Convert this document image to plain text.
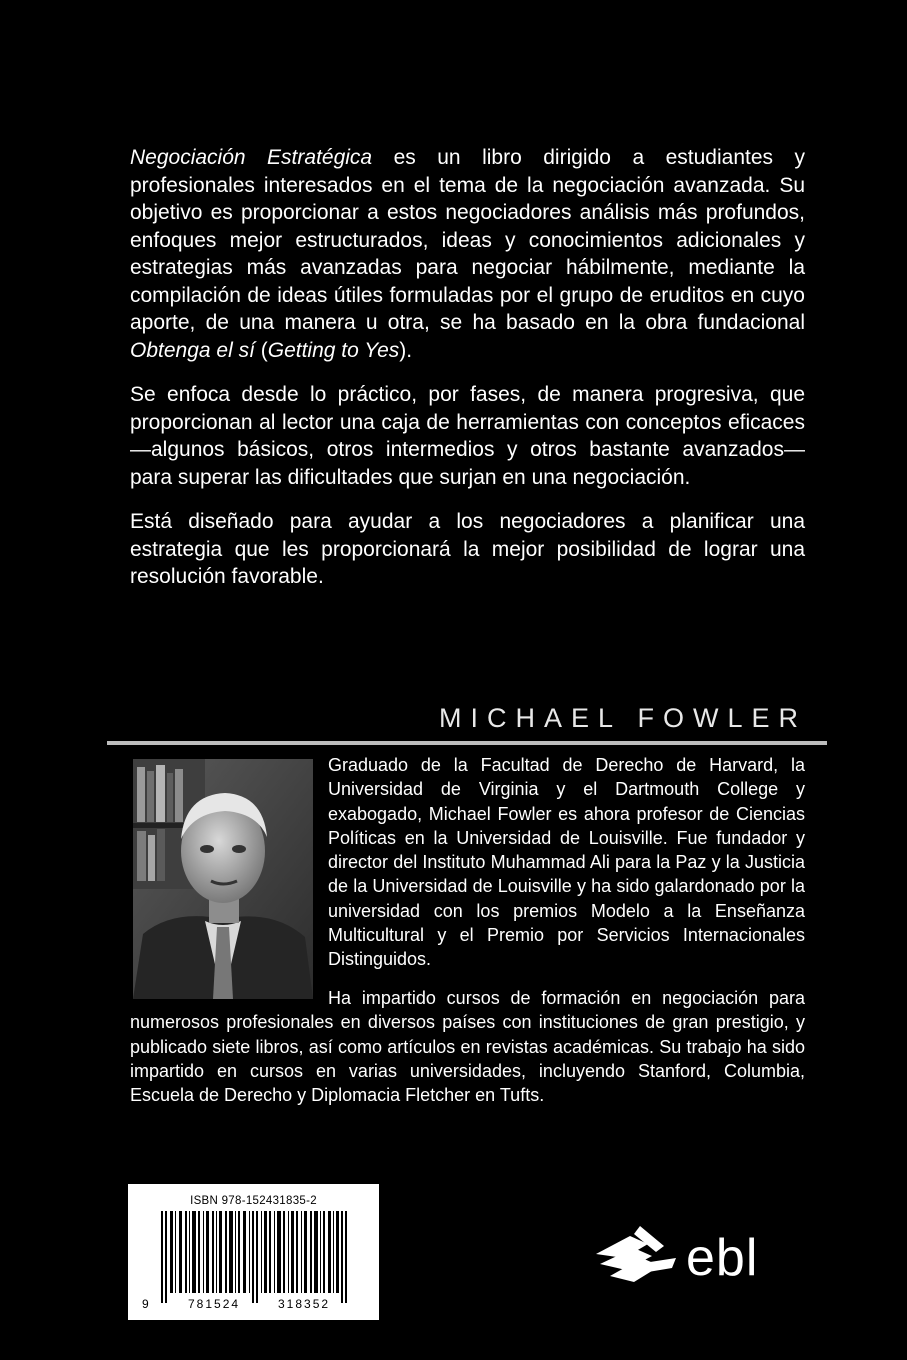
Negociación Estratégica es un libro dirigido a estudiantes y profesionales interesados en el tema de la negociación avanzada. Su objetivo es proporcionar a estos negociadores análisis más profundos, enfoques mejor estructurados, ideas y conocimientos adicionales y estrategias más avanzadas para negociar hábilmente, mediante la compilación de ideas útiles formuladas por el grupo de eruditos en cuyo aporte, de una manera u otra, se ha basado en la obra fundacional Obtenga el sí (Getting to Yes).

Se enfoca desde lo práctico, por fases, de manera progresiva, que proporcionan al lector una caja de herramientas con conceptos eficaces —algunos básicos, otros intermedios y otros bastante avanzados— para superar las dificultades que surjan en una negociación.

Está diseñado para ayudar a los negociadores a planificar una estrategia que les proporcionará la mejor posibilidad de lograr una resolución favorable.

MICHAEL FOWLER

Graduado de la Facultad de Derecho de Harvard, la Universidad de Virginia y el Dartmouth College y exabogado, Michael Fowler es ahora profesor de Ciencias Políticas en la Universidad de Louisville. Fue fundador y director del Instituto Muhammad Ali para la Paz y la Justicia de la Universidad de Louisville y ha sido galardonado por la universidad con los premios Modelo a la Enseñanza Multicultural y el Premio por Servicios Internacionales Distinguidos.

Ha impartido cursos de formación en negociación para numerosos profesionales en diversos países con instituciones de gran prestigio, y publicado siete libros, así como artículos en revistas académicas. Su trabajo ha sido impartido en cursos en varias universidades, incluyendo Stanford, Columbia, Escuela de Derecho y Diplomacia Fletcher en Tufts.

ISBN 978-152431835-2
9	781524	318352
ebl
